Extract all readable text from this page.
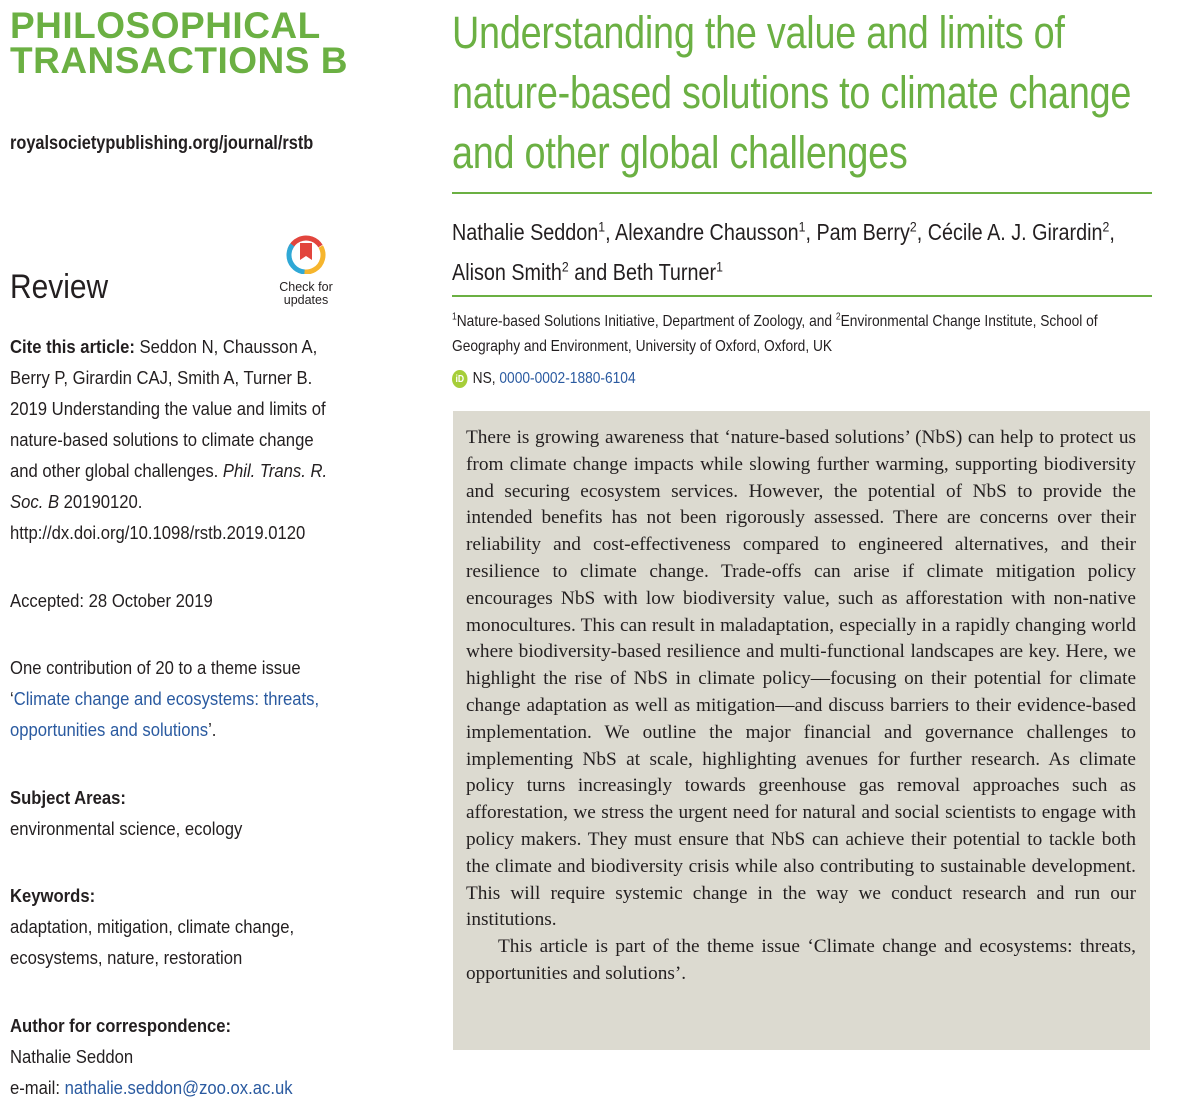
PHILOSOPHICAL
TRANSACTIONS B
royalsocietypublishing.org/journal/rstb
Check for
updates
Review
Cite this article: Seddon N, Chausson A, Berry P, Girardin CAJ, Smith A, Turner B. 2019 Understanding the value and limits of nature-based solutions to climate change and other global challenges. Phil. Trans. R. Soc. B 20190120.
http://dx.doi.org/10.1098/rstb.2019.0120
Accepted: 28 October 2019
One contribution of 20 to a theme issue ‘Climate change and ecosystems: threats, opportunities and solutions’.
Subject Areas:
environmental science, ecology
Keywords:
adaptation, mitigation, climate change, ecosystems, nature, restoration
Author for correspondence:
Nathalie Seddon
e-mail: nathalie.seddon@zoo.ox.ac.uk
Understanding the value and limits of nature-based solutions to climate change and other global challenges
Nathalie Seddon$^1$, Alexandre Chausson$^1$, Pam Berry$^2$, Cécile A. J. Girardin$^2$,
Alison Smith$^2$ and Beth Turner$^1$
$^1$Nature-based Solutions Initiative, Department of Zoology, and $^2$Environmental Change Institute, School of Geography and Environment, University of Oxford, Oxford, UK
iD NS, 0000-0002-1880-6104

There is growing awareness that ‘nature-based solutions’ (NbS) can help to protect us from climate change impacts while slowing further warming, supporting biodiversity and securing ecosystem services. However, the potential of NbS to provide the intended benefits has not been rigorously assessed. There are concerns over their reliability and cost-effectiveness compared to engineered alternatives, and their resilience to climate change. Trade-offs can arise if climate mitigation policy encourages NbS with low biodiversity value, such as afforestation with non-native monocultures. This can result in maladaptation, especially in a rapidly changing world where biodiversity-based resilience and multi-functional landscapes are key. Here, we highlight the rise of NbS in climate policy—focusing on their potential for climate change adaptation as well as mitigation—and discuss barriers to their evidence-based implementation. We outline the major financial and governance challenges to implementing NbS at scale, highlighting avenues for further research. As climate policy turns increasingly towards greenhouse gas removal approaches such as afforestation, we stress the urgent need for natural and social scientists to engage with policy makers. They must ensure that NbS can achieve their potential to tackle both the climate and biodiversity crisis while also contributing to sustainable development. This will require systemic change in the way we conduct research and run our institutions.

This article is part of the theme issue ‘Climate change and ecosystems: threats, opportunities and solutions’.
